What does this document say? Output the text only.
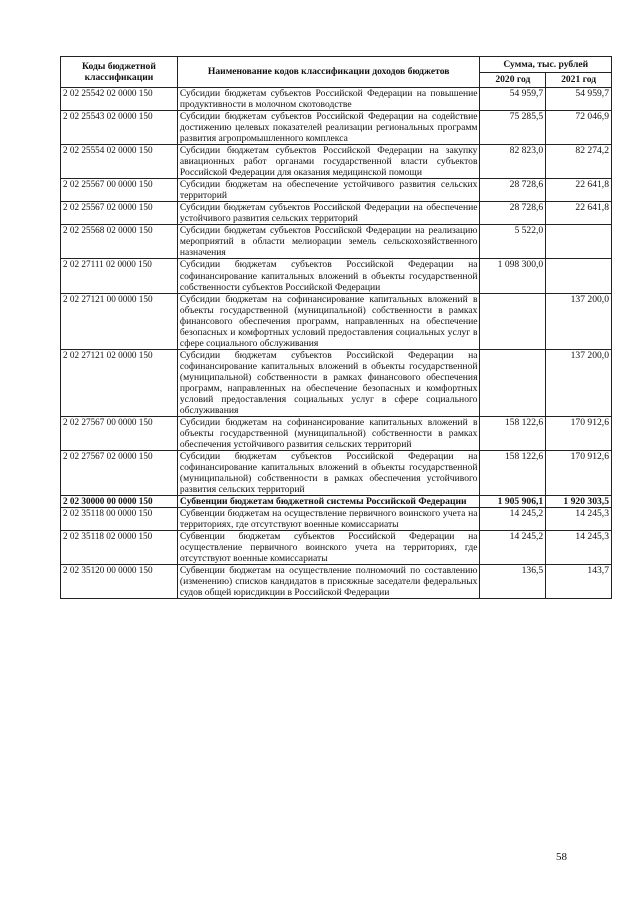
Коды бюджетной классификации	Наименование кодов классификации доходов бюджетов	Сумма, тыс. рублей	
		2020 год	2021 год
2 02 25542 02 0000 150	Субсидии бюджетам субъектов Российской Федерации на повышение продуктивности в молочном скотоводстве	54 959,7	54 959,7
2 02 25543 02 0000 150	Субсидии бюджетам субъектов Российской Федерации на содействие достижению целевых показателей реализации региональных программ развития агропромышленного комплекса	75 285,5	72 046,9
2 02 25554 02 0000 150	Субсидии бюджетам субъектов Российской Федерации на закупку авиационных работ органами государственной власти субъектов Российской Федерации для оказания медицинской помощи	82 823,0	82 274,2
2 02 25567 00 0000 150	Субсидии бюджетам на обеспечение устойчивого развития сельских территорий	28 728,6	22 641,8
2 02 25567 02 0000 150	Субсидии бюджетам субъектов Российской Федерации на обеспечение устойчивого развития сельских территорий	28 728,6	22 641,8
2 02 25568 02 0000 150	Субсидии бюджетам субъектов Российской Федерации на реализацию мероприятий в области мелиорации земель сельскохозяйственного назначения	5 522,0	
2 02 27111 02 0000 150	Субсидии бюджетам субъектов Российской Федерации на софинансирование капитальных вложений в объекты государственной собственности субъектов Российской Федерации	1 098 300,0	
2 02 27121 00 0000 150	Субсидии бюджетам на софинансирование капитальных вложений в объекты государственной (муниципальной) собственности в рамках финансового обеспечения программ, направленных на обеспечение безопасных и комфортных условий предоставления социальных услуг в сфере социального обслуживания		137 200,0
2 02 27121 02 0000 150	Субсидии бюджетам субъектов Российской Федерации на софинансирование капитальных вложений в объекты государственной (муниципальной) собственности в рамках финансового обеспечения программ, направленных на обеспечение безопасных и комфортных условий предоставления социальных услуг в сфере социального обслуживания		137 200,0
2 02 27567 00 0000 150	Субсидии бюджетам на софинансирование капитальных вложений в объекты государственной (муниципальной) собственности в рамках обеспечения устойчивого развития сельских территорий	158 122,6	170 912,6
2 02 27567 02 0000 150	Субсидии бюджетам субъектов Российской Федерации на софинансирование капитальных вложений в объекты государственной (муниципальной) собственности в рамках обеспечения устойчивого развития сельских территорий	158 122,6	170 912,6
2 02 30000 00 0000 150	Субвенции бюджетам бюджетной системы Российской Федерации	1 905 906,1	1 920 303,5
2 02 35118 00 0000 150	Субвенции бюджетам на осуществление первичного воинского учета на территориях, где отсутствуют военные комиссариаты	14 245,2	14 245,3
2 02 35118 02 0000 150	Субвенции бюджетам субъектов Российской Федерации на осуществление первичного воинского учета на территориях, где отсутствуют военные комиссариаты	14 245,2	14 245,3
2 02 35120 00 0000 150	Субвенции бюджетам на осуществление полномочий по составлению (изменению) списков кандидатов в присяжные заседатели федеральных судов общей юрисдикции в Российской Федерации	136,5	143,7
58
